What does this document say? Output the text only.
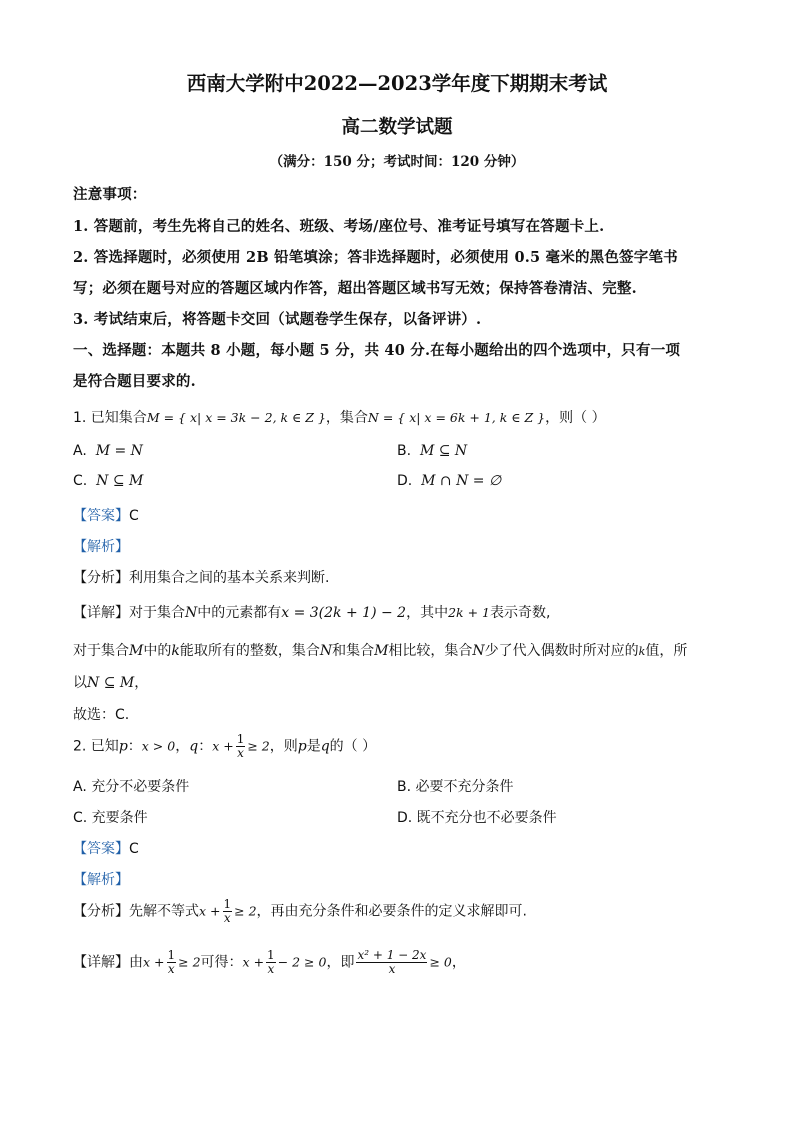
西南大学附中2022—2023学年度下期期末考试
高二数学试题
（满分：150 分；考试时间：120 分钟）
注意事项：
1. 答题前，考生先将自己的姓名、班级、考场/座位号、准考证号填写在答题卡上.
2. 答选择题时，必须使用 2B 铅笔填涂；答非选择题时，必须使用 0.5 毫米的黑色签字笔书
写；必须在题号对应的答题区域内作答，超出答题区域书写无效；保持答卷清洁、完整.
3. 考试结束后，将答题卡交回（试题卷学生保存，以备评讲）.
一、选择题：本题共 8 小题，每小题 5 分，共 40 分.在每小题给出的四个选项中，只有一项
是符合题目要求的.
1. 已知集合M = { x| x = 3k − 2, k ∈ Z }，集合N = { x| x = 6k + 1, k ∈ Z }，则（ ）
A. M = N	B. M ⊆ N
C. N ⊆ M	D. M ∩ N = ∅
【答案】C
【解析】
【分析】利用集合之间的基本关系来判断.
【详解】对于集合N中的元素都有x = 3(2k + 1) − 2，其中2k + 1表示奇数,
对于集合M中的k能取所有的整数，集合N和集合M相比较，集合N少了代入偶数时所对应的k值，所
以N ⊆ M，
故选：C.
2. 已知p：x > 0，q：$x + \frac{1}{x} \ge 2$，则p是q的（ ）
A. 充分不必要条件	B. 必要不充分条件
C. 充要条件	D. 既不充分也不必要条件
【答案】C
【解析】
【分析】先解不等式$x + \frac{1}{x} \ge 2$，再由充分条件和必要条件的定义求解即可.
【详解】由$x + \frac{1}{x} \ge 2$可得：$x + \frac{1}{x} - 2 \ge 0$，即 $\frac{\text{x² + 1 − 2x}}{x} \ge 0$，
